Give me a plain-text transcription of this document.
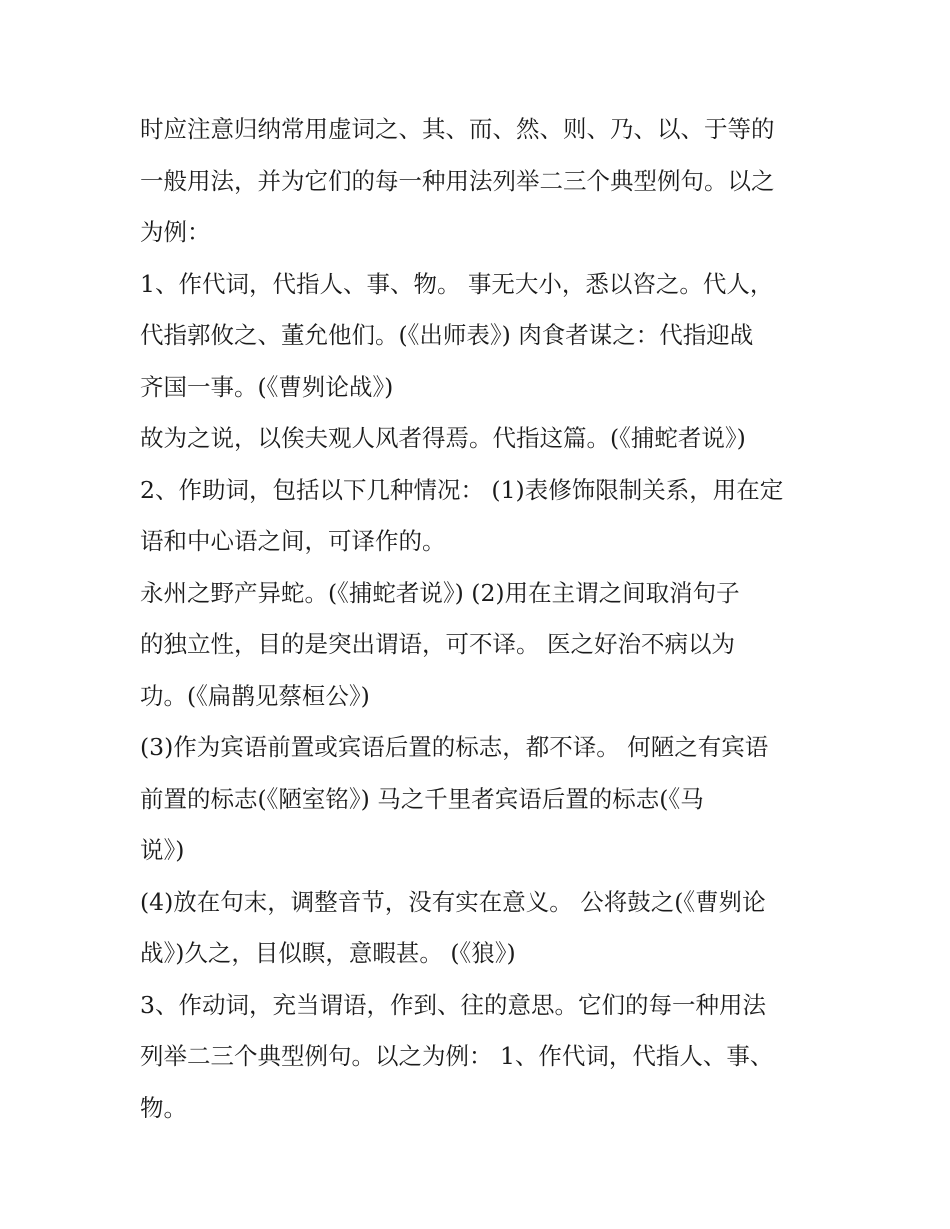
时应注意归纳常用虚词之、其、而、然、则、乃、以、于等的
一般用法，并为它们的每一种用法列举二三个典型例句。以之
为例：
1、作代词，代指人、事、物。 事无大小，悉以咨之。代人，
代指郭攸之、董允他们。(《出师表》) 肉食者谋之：代指迎战
齐国一事。(《曹刿论战》)
故为之说，以俟夫观人风者得焉。代指这篇。(《捕蛇者说》)
2、作助词，包括以下几种情况： (1)表修饰限制关系，用在定
语和中心语之间，可译作的。
永州之野产异蛇。(《捕蛇者说》) (2)用在主谓之间取消句子
的独立性，目的是突出谓语，可不译。 医之好治不病以为
功。(《扁鹊见蔡桓公》)
(3)作为宾语前置或宾语后置的标志，都不译。 何陋之有宾语
前置的标志(《陋室铭》) 马之千里者宾语后置的标志(《马
说》)
(4)放在句末，调整音节，没有实在意义。 公将鼓之(《曹刿论
战》)久之，目似瞑，意暇甚。 (《狼》)
3、作动词，充当谓语，作到、往的意思。它们的每一种用法
列举二三个典型例句。以之为例： 1、作代词，代指人、事、
物。
